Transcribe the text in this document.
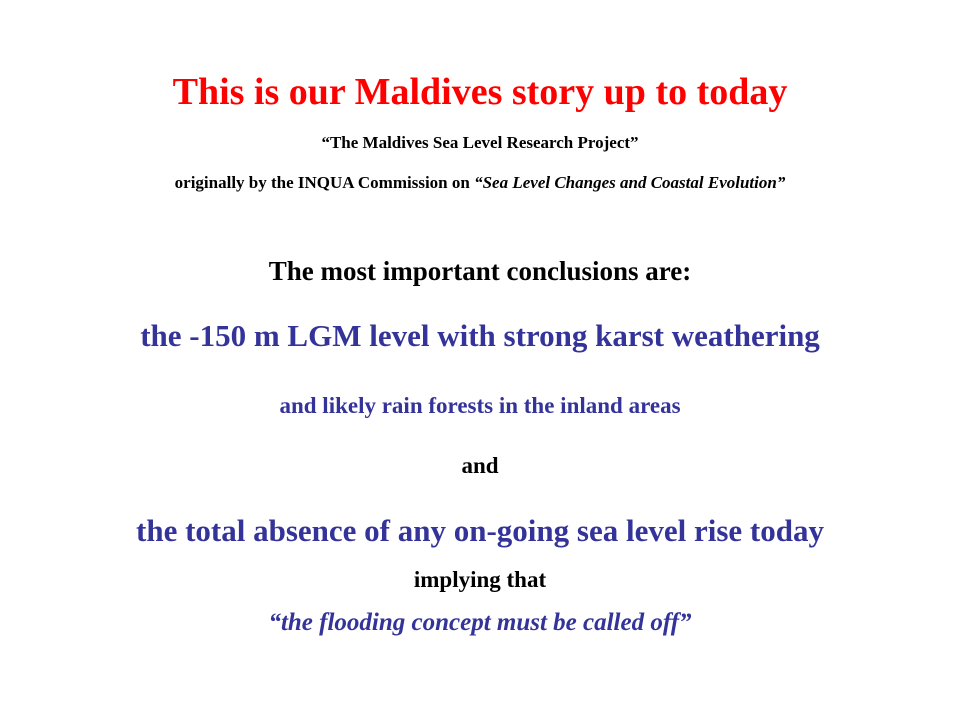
This is our Maldives story up to today
“The Maldives Sea Level Research Project”
originally by the INQUA Commission on “Sea Level Changes and Coastal Evolution”
The most important conclusions are:
the -150 m LGM level with strong karst weathering
and likely rain forests in the inland areas
and
the total absence of any on-going sea level rise today
implying that
“the flooding concept must be called off”
